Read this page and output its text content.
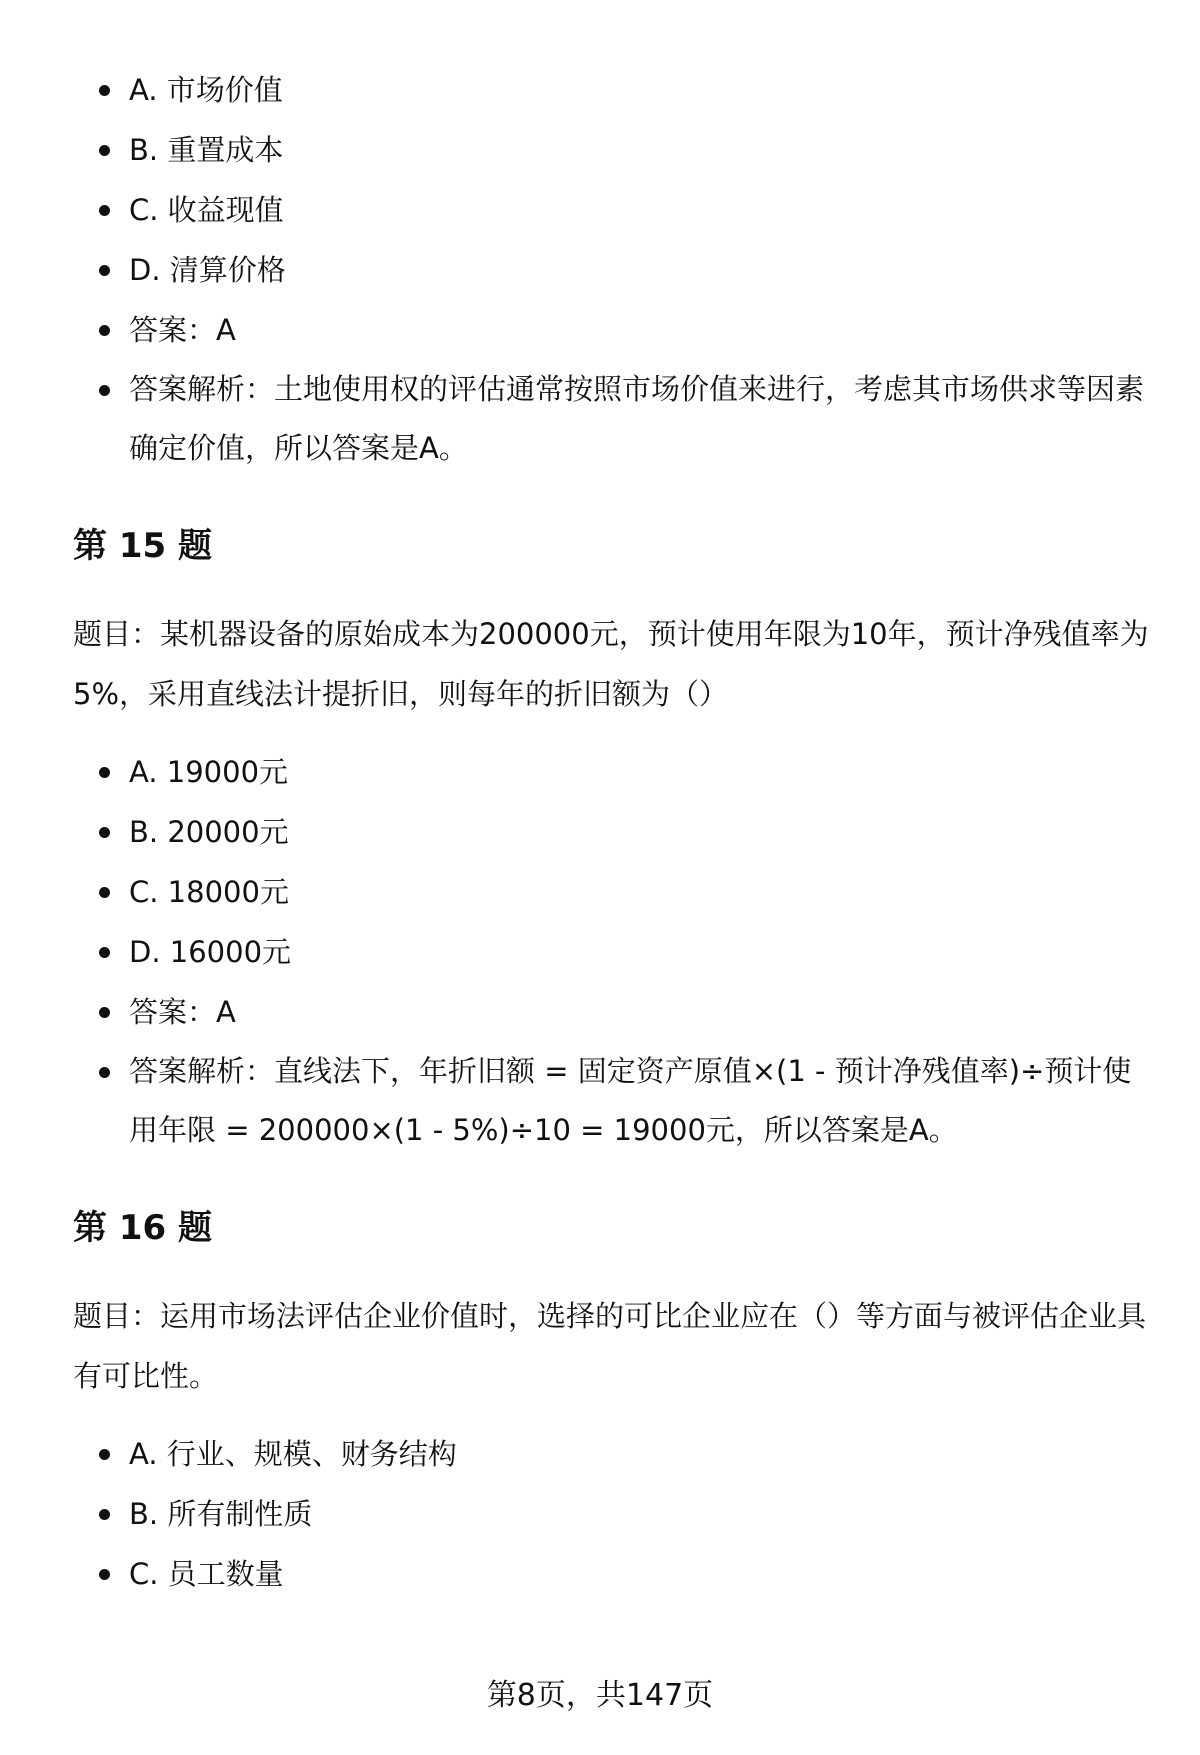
A. 市场价值
B. 重置成本
C. 收益现值
D. 清算价格
答案：A
答案解析：土地使用权的评估通常按照市场价值来进行，考虑其市场供求等因素确定价值，所以答案是A。
第 15 题

题目：某机器设备的原始成本为200000元，预计使用年限为10年，预计净残值率为5%，采用直线法计提折旧，则每年的折旧额为（）

A. 19000元
B. 20000元
C. 18000元
D. 16000元
答案：A
答案解析：直线法下，年折旧额 = 固定资产原值×(1 - 预计净残值率)÷预计使用年限 = 200000×(1 - 5%)÷10 = 19000元，所以答案是A。
第 16 题

题目：运用市场法评估企业价值时，选择的可比企业应在（）等方面与被评估企业具有可比性。

A. 行业、规模、财务结构
B. 所有制性质
C. 员工数量
第8页，共147页
